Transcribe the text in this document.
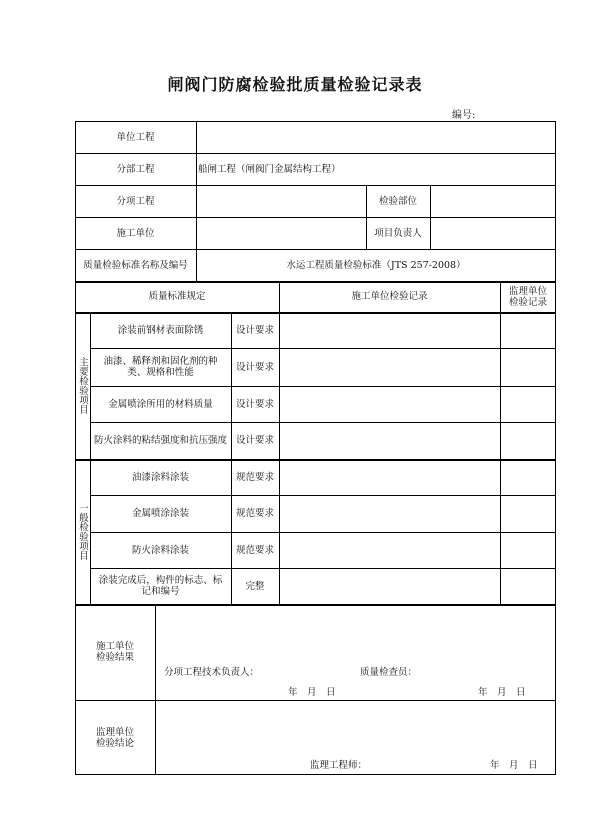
闸阀门防腐检验批质量检验记录表
编号:
单位工程
分部工程	船闸工程（闸阀门金属结构工程）
分项工程	检验部位
施工单位	项目负责人
质量检验标准名称及编号	水运工程质量检验标准（JTS 257-2008）
质量标准规定	施工单位检验记录	监理单位检验记录
主要检验项目
涂装前钢材表面除锈	设计要求
油漆、稀释剂和固化剂的种类、规格和性能	设计要求
金属喷涂所用的材料质量	设计要求
防火涂料的粘结强度和抗压强度 设计要求
一般检验项目
油漆涂料涂装	规范要求
金属喷涂涂装	规范要求
防火涂料涂装	规范要求
涂装完成后，构件的标志、标记和编号	完整
施工单位检验结果
分项工程技术负责人：	质量检查员：
年　月　日	年　月　日
监理单位检验结论
监理工程师：	年　月　日
